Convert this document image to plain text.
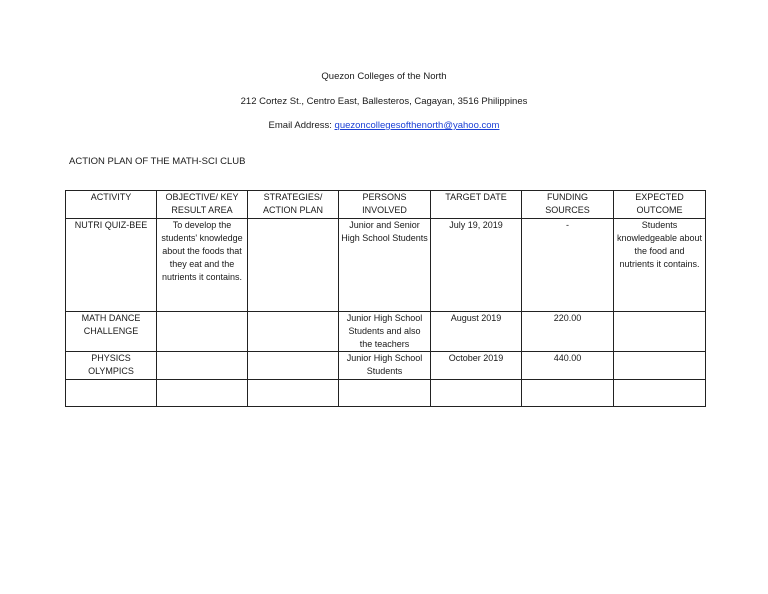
Quezon Colleges of the North
212 Cortez St., Centro East, Ballesteros, Cagayan, 3516 Philippines
Email Address: quezoncollegesofthenorth@yahoo.com
ACTION PLAN OF THE MATH-SCI CLUB
ACTIVITY	OBJECTIVE/ KEY RESULT AREA	STRATEGIES/ ACTION PLAN	PERSONS INVOLVED	TARGET DATE	FUNDING SOURCES	EXPECTED OUTCOME
NUTRI QUIZ-BEE	To develop the students' knowledge about the foods that they eat and the nutrients it contains.		Junior and Senior High School Students	July 19, 2019	-	Students knowledgeable about the food and nutrients it contains.
MATH DANCE CHALLENGE			Junior High School Students and also the teachers	August 2019	220.00	
PHYSICS OLYMPICS			Junior High School Students	October 2019	440.00	
